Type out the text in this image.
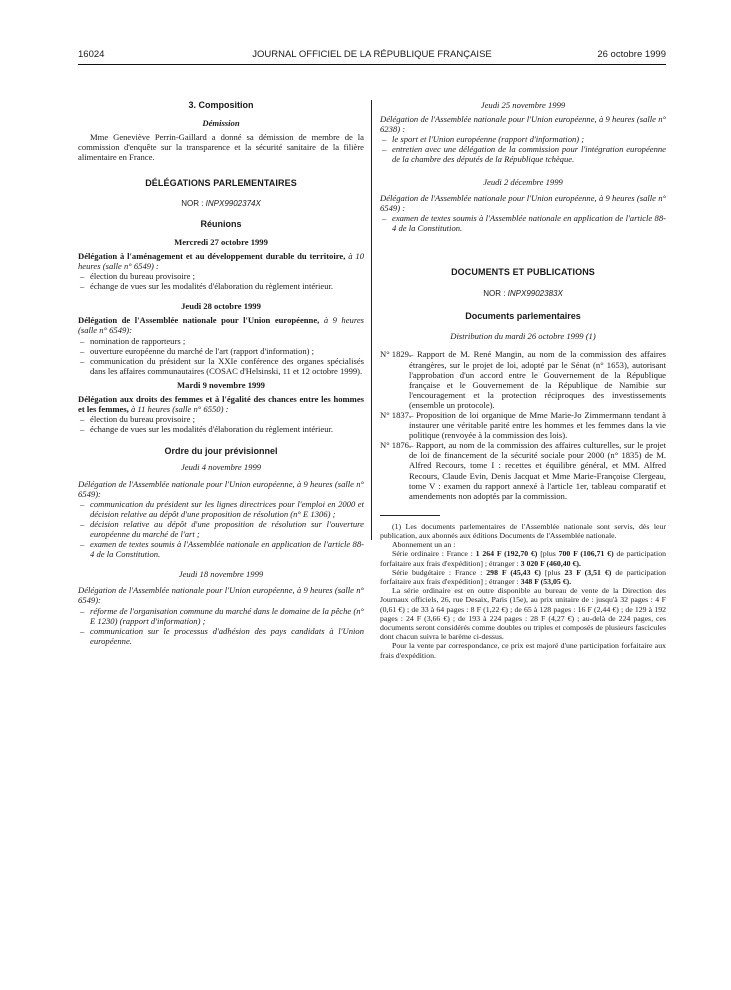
16024	JOURNAL OFFICIEL DE LA RÉPUBLIQUE FRANÇAISE	26 octobre 1999
3. Composition
Démission

Mme Geneviève Perrin-Gaillard a donné sa démission de membre de la commission d'enquête sur la transparence et la sécurité sanitaire de la filière alimentaire en France.

DÉLÉGATIONS PARLEMENTAIRES
NOR : INPX9902374X
Réunions
Mercredi 27 octobre 1999

Délégation à l'aménagement et au développement durable du territoire, à 10 heures (salle n° 6549) :

– élection du bureau provisoire ;
– échange de vues sur les modalités d'élaboration du règlement intérieur.
Jeudi 28 octobre 1999

Délégation de l'Assemblée nationale pour l'Union européenne, à 9 heures (salle n° 6549):

– nomination de rapporteurs ;
– ouverture européenne du marché de l'art (rapport d'information) ;
– communication du président sur la XXIe conférence des organes spécialisés dans les affaires communautaires (COSAC d'Helsinski, 11 et 12 octobre 1999).
Mardi 9 novembre 1999

Délégation aux droits des femmes et à l'égalité des chances entre les hommes et les femmes, à 11 heures (salle n° 6550) :

– élection du bureau provisoire ;
– échange de vues sur les modalités d'élaboration du règlement intérieur.
Ordre du jour prévisionnel
Jeudi 4 novembre 1999

Délégation de l'Assemblée nationale pour l'Union européenne, à 9 heures (salle n° 6549):

– communication du président sur les lignes directrices pour l'emploi en 2000 et décision relative au dépôt d'une proposition de résolution (n° E 1306) ;
– décision relative au dépôt d'une proposition de résolution sur l'ouverture européenne du marché de l'art ;
– examen de textes soumis à l'Assemblée nationale en application de l'article 88-4 de la Constitution.
Jeudi 18 novembre 1999

Délégation de l'Assemblée nationale pour l'Union européenne, à 9 heures (salle n° 6549):

– réforme de l'organisation commune du marché dans le domaine de la pêche (n° E 1230) (rapport d'information) ;
– communication sur le processus d'adhésion des pays candidats à l'Union européenne.
Jeudi 25 novembre 1999

Délégation de l'Assemblée nationale pour l'Union européenne, à 9 heures (salle n° 6238) :

– le sport et l'Union européenne (rapport d'information) ;
– entretien avec une délégation de la commission pour l'intégration européenne de la chambre des députés de la République tchèque.
Jeudi 2 décembre 1999

Délégation de l'Assemblée nationale pour l'Union européenne, à 9 heures (salle n° 6549) :

– examen de textes soumis à l'Assemblée nationale en application de l'article 88-4 de la Constitution.
DOCUMENTS ET PUBLICATIONS
NOR : INPX9902383X
Documents parlementaires
Distribution du mardi 26 octobre 1999 (1)
N° 1829.
– Rapport de M. René Mangin, au nom de la commission des affaires étrangères, sur le projet de loi, adopté par le Sénat (n° 1653), autorisant l'approbation d'un accord entre le Gouvernement de la République française et le Gouvernement de la République de Namibie sur l'encouragement et la protection réciproques des investissements (ensemble un protocole).
N° 1837.
– Proposition de loi organique de Mme Marie-Jo Zimmermann tendant à instaurer une véritable parité entre les hommes et les femmes dans la vie politique (renvoyée à la commission des lois).
N° 1876.
– Rapport, au nom de la commission des affaires culturelles, sur le projet de loi de financement de la sécurité sociale pour 2000 (n° 1835) de M. Alfred Recours, tome I : recettes et équilibre général, et MM. Alfred Recours, Claude Evin, Denis Jacquat et Mme Marie-Françoise Clergeau, tome V : examen du rapport annexé à l'article 1er, tableau comparatif et amendements non adoptés par la commission.

(1) Les documents parlementaires de l'Assemblée nationale sont servis, dès leur publication, aux abonnés aux éditions Documents de l'Assemblée nationale.

Abonnement un an :

Série ordinaire : France : 1 264 F (192,70 €) [plus 700 F (106,71 €) de participation forfaitaire aux frais d'expédition] ; étranger : 3 020 F (460,40 €).

Série budgétaire : France : 298 F (45,43 €) [plus 23 F (3,51 €) de participation forfaitaire aux frais d'expédition] ; étranger : 348 F (53,05 €).

La série ordinaire est en outre disponible au bureau de vente de la Direction des Journaux officiels, 26, rue Desaix, Paris (15e), au prix unitaire de : jusqu'à 32 pages : 4 F (0,61 €) ; de 33 à 64 pages : 8 F (1,22 €) ; de 65 à 128 pages : 16 F (2,44 €) ; de 129 à 192 pages : 24 F (3,66 €) ; de 193 à 224 pages : 28 F (4,27 €) ; au-delà de 224 pages, ces documents seront considérés comme doubles ou triples et composés de plusieurs fascicules dont chacun suivra le barème ci-dessus.

Pour la vente par correspondance, ce prix est majoré d'une participation forfaitaire aux frais d'expédition.
